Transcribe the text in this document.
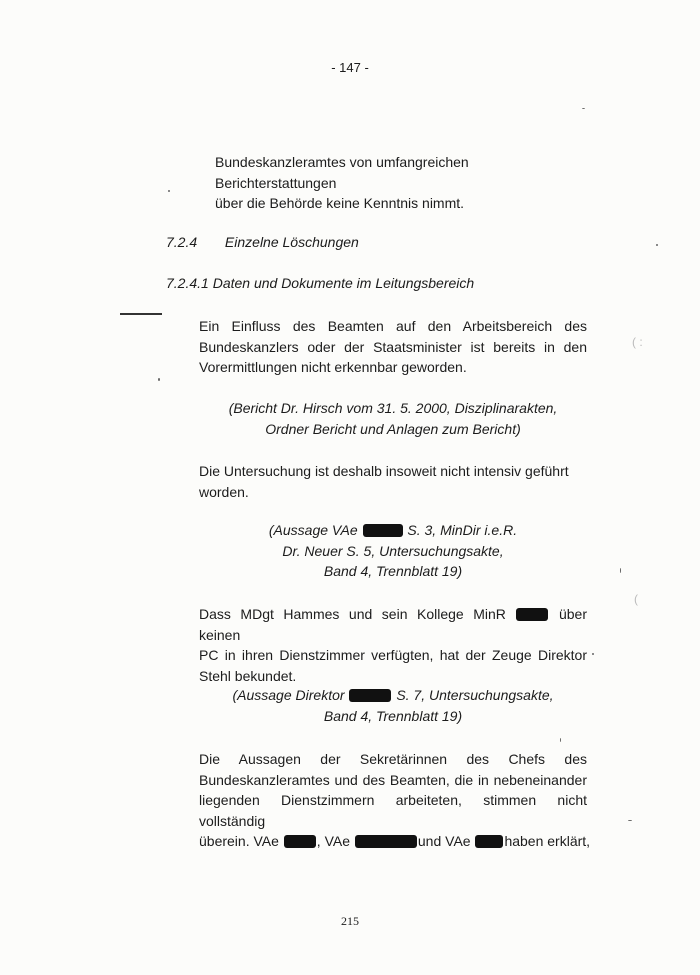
- 147 -
Bundeskanzleramtes von umfangreichen Berichterstattungen
über die Behörde keine Kenntnis nimmt.
7.2.4 Einzelne Löschungen
7.2.4.1 Daten und Dokumente im Leitungsbereich
Ein Einfluss des Beamten auf den Arbeitsbereich des
Bundeskanzlers oder der Staatsminister ist bereits in den
Vorermittlungen nicht erkennbar geworden.
(Bericht Dr. Hirsch vom 31. 5. 2000, Disziplinarakten,
Ordner Bericht und Anlagen zum Bericht)
Die Untersuchung ist deshalb insoweit nicht intensiv geführt
worden.
(Aussage VAe	S. 3, MinDir i.e.R.
Dr. Neuer S. 5, Untersuchungsakte,
Band 4, Trennblatt 19)
Dass MDgt Hammes und sein Kollege MinR	über keinen
PC in ihren Dienstzimmer verfügten, hat der Zeuge Direktor
Stehl bekundet.
(Aussage Direktor	S. 7, Untersuchungsakte,
Band 4, Trennblatt 19)
Die Aussagen der Sekretärinnen des Chefs des
Bundeskanzleramtes und des Beamten, die in nebeneinander
liegenden Dienstzimmern arbeiteten, stimmen nicht vollständig
überein. VAe	, VAe	und VAe haben erklärt,
215
( :
(
